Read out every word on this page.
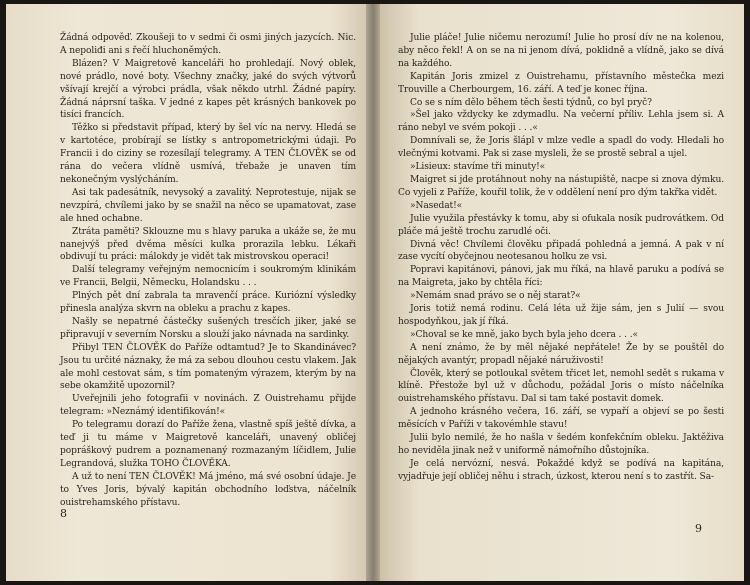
Žádná odpověď. Zkoušeji to v sedmi či osmi jiných jazycích. Nic. A nepoliđi ani s řečí hluchoněmých.

Blázen? V Maigretově kanceláři ho prohledají. Nový oblek, nové prádlo, nové boty. Všechny značky, jaké do svých výtvorů všívají krejčí a výrobci prádla, však někdo utrhl. Žádné papíry. Žádná náprsní taška. V jedné z kapes pět krásných bankovek po tisíci francích.

Těžko si představit případ, který by šel víc na nervy. Hledá se v kartotéce, probírají se lístky s antropometrickými údaji. Po Francii i do ciziny se rozesílají telegramy. A TEN ČLOVĚK se od rána do večera vlídně usmívá, třebaže je unaven tím nekonečným vyslýcháním.

Asi tak padesátník, nevysoký a zavalitý. Neprotestuje, nijak se nevzpírá, chvílemi jako by se snažil na něco se upamatovat, zase ale hned ochabne.

Ztráta paměti? Sklouzne mu s hlavy paruka a ukáže se, že mu nanejvýš před dvěma měsíci kulka prorazila lebku. Lékaři obdivují tu práci: málokdy je vidět tak mistrovskou operaci!

Další telegramy veřejným nemocnicím i soukromým klinikám ve Francii, Belgii, Německu, Holandsku . . .

Plných pět dní zabrala ta mravenčí práce. Kuriózní výsledky přinesla analýza skvrn na obleku a prachu z kapes.

Našly se nepatrné částečky sušených tresčích jiker, jaké se připravují v severním Norsku a slouží jako návnada na sardinky.

Přibyl TEN ČLOVĚK do Paříže odtamtud? Je to Skandinávec? Jsou tu určité náznaky, že má za sebou dlouhou cestu vlakem. Jak ale mohl cestovat sám, s tím pomateným výrazem, kterým by na sebe okamžitě upozornil?

Uveřejnili jeho fotografii v novinách. Z Ouistrehamu přijde telegram: »Neznámý identifikován!«

Po telegramu dorazí do Paříže žena, vlastně spíš ještě dívka, a teď ji tu máme v Maigretově kanceláři, unavený obličej popráškový pudrem a poznamenaný rozmazaným líčidlem, Julie Legrandová, služka TOHO ČLOVĚKA.

A už to není TEN ČLOVĚK! Má jméno, má své osobní údaje. Je to Yves Joris, bývalý kapitán obchodního loďstva, náčelník ouistrehamského přístavu.

8

Julie pláče! Julie ničemu nerozumí! Julie ho prosí dív ne na kolenou, aby něco řekl! A on se na ni jenom dívá, poklidně a vlídně, jako se dívá na každého.

Kapitán Joris zmizel z Ouistrehamu, přístavního městečka mezi Trouville a Cherbourgem, 16. září. A teď je konec října.

Co se s ním dělo během těch šesti týdnů, co byl pryč?

»Šel jako vždycky ke zdymadlu. Na večerní příliv. Lehla jsem si. A ráno nebyl ve svém pokoji . . .«

Domnívali se, že Joris šlápl v mlze vedle a spadl do vody. Hledali ho vlečnými kotvami. Pak si zase mysleli, že se prostě sebral a ujel.

»Lisieux: stavíme tři minuty!«

Maigret si jde protáhnout nohy na nástupiště, nacpe si znova dýmku. Co vyjeli z Paříže, kouřil tolik, že v oddělení není pro dým takřka vidět.

»Nasedat!«

Julie využila přestávky k tomu, aby si ofukala nosík pudrovátkem. Od pláče má ještě trochu zarudlé oči.

Divná věc! Chvílemi člověku připadá pohledná a jemná. A pak v ní zase vycítí obyčejnou neotesanou holku ze vsi.

Popravi kapitánovi, pánovi, jak mu říká, na hlavě paruku a podívá se na Maigreta, jako by chtěla říci:

»Nemám snad právo se o něj starat?«

Joris totiž nemá rodinu. Celá léta už žije sám, jen s Julií — svou hospodyňkou, jak jí říká.

»Choval se ke mně, jako bych byla jeho dcera . . .«

A není známo, že by měl nějaké nepřátele! Že by se pouštěl do nějakých avantýr, propadl nějaké náruživosti!

Člověk, který se potloukal světem třicet let, nemohl sedět s rukama v klíně. Přestože byl už v důchodu, požádal Joris o místo náčelníka ouistrehamského přístavu. Dal si tam také postavit domek.

A jednoho krásného večera, 16. září, se vypaří a objeví se po šesti měsících v Paříži v takovémhle stavu!

Julii bylo nemilé, že ho našla v šedém konfekčním obleku. Jaktěživa ho neviděla jinak než v uniformě námořního důstojníka.

Je celá nervózní, nesvá. Pokaždé když se podívá na kapitána, vyjadřuje její obličej něhu i strach, úzkost, kterou není s to zastřít. Sa-

9
